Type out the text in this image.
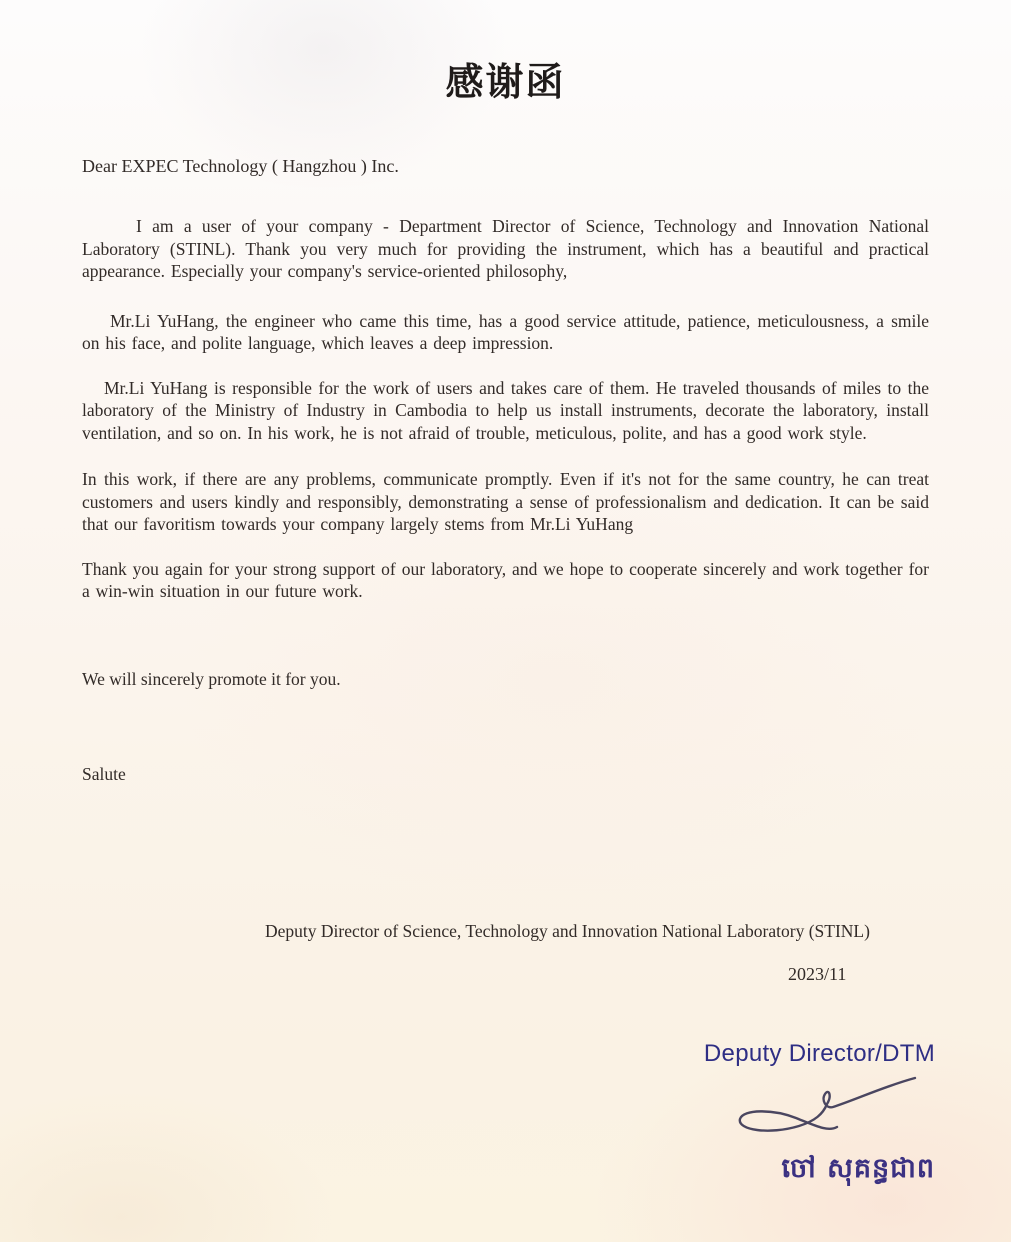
感谢函

Dear EXPEC Technology ( Hangzhou ) Inc.

I am a user of your company - Department Director of Science, Technology and Innovation National Laboratory (STINL). Thank you very much for providing the instrument, which has a beautiful and practical appearance. Especially your company's service-oriented philosophy,

Mr.Li YuHang, the engineer who came this time, has a good service attitude, patience, meticulousness, a smile on his face, and polite language, which leaves a deep impression.

Mr.Li YuHang is responsible for the work of users and takes care of them. He traveled thousands of miles to the laboratory of the Ministry of Industry in Cambodia to help us install instruments, decorate the laboratory, install ventilation, and so on. In his work, he is not afraid of trouble, meticulous, polite, and has a good work style.

In this work, if there are any problems, communicate promptly. Even if it's not for the same country, he can treat customers and users kindly and responsibly, demonstrating a sense of professionalism and dedication. It can be said that our favoritism towards your company largely stems from Mr.Li YuHang

Thank you again for your strong support of our laboratory, and we hope to cooperate sincerely and work together for a win-win situation in our future work.

We will sincerely promote it for you.

Salute

Deputy Director of Science, Technology and Innovation National Laboratory (STINL)

2023/11

Deputy Director/DTM

ចៅ សុគន្ធជាព
